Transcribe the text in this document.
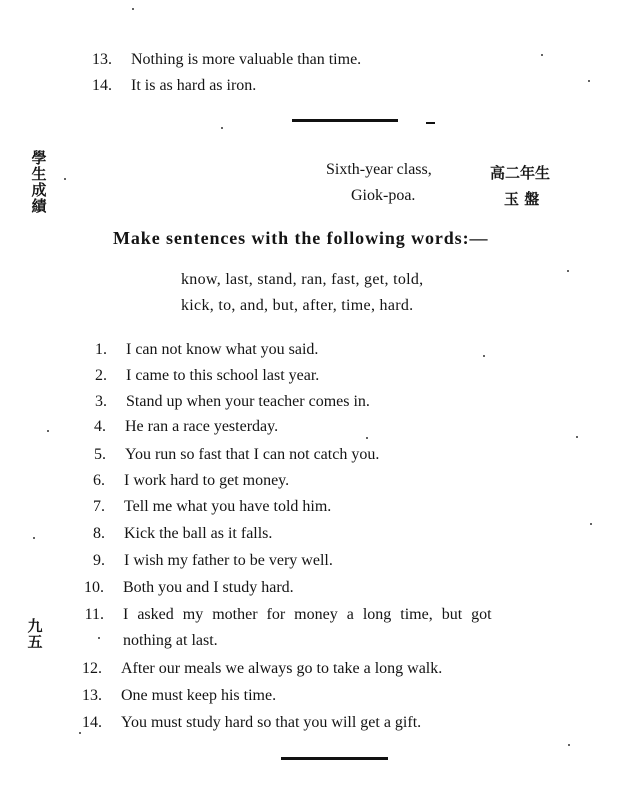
13. Nothing is more valuable than time.
14. It is as hard as iron.
學生成績
Sixth-year class,
Giok-poa.
高二年生
玉 盤
Make sentences with the following words:—
know, last, stand, ran, fast, get, told,
kick, to, and, but, after, time, hard.
1. I can not know what you said.
2. I came to this school last year.
3. Stand up when your teacher comes in.
4. He ran a race yesterday.
5. You run so fast that I can not catch you.
6. I work hard to get money.
7. Tell me what you have told him.
8. Kick the ball as it falls.
9. I wish my father to be very well.
10. Both you and I study hard.
11. I asked my mother for money a long time, but got
nothing at last.
12. After our meals we always go to take a long walk.
13. One must keep his time.
14. You must study hard so that you will get a gift.
九五
